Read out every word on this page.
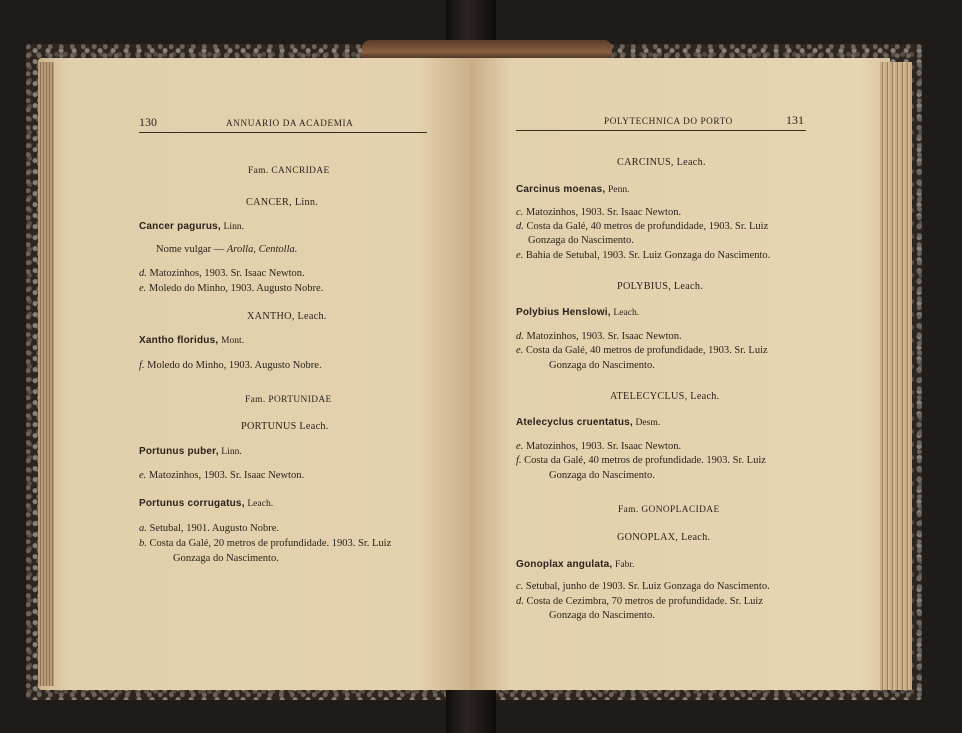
130	ANNUARIO DA ACADEMIA
Fam. CANCRIDAE
CANCER, Linn.
Cancer pagurus, Linn.
Nome vulgar — Arolla, Centolla.
d. Matozinhos, 1903. Sr. Isaac Newton.
e. Moledo do Minho, 1903. Augusto Nobre.
XANTHO, Leach.
Xantho floridus, Mont.
f. Moledo do Minho, 1903. Augusto Nobre.
Fam. PORTUNIDAE
PORTUNUS Leach.
Portunus puber, Linn.
e. Matozinhos, 1903. Sr. Isaac Newton.
Portunus corrugatus, Leach.
a. Setubal, 1901. Augusto Nobre.
b. Costa da Galé, 20 metros de profundidade. 1903. Sr. Luiz
Gonzaga do Nascimento.
POLYTECHNICA DO PORTO	131
CARCINUS, Leach.
Carcinus moenas, Penn.
c. Matozinhos, 1903. Sr. Isaac Newton.
d. Costa da Galé, 40 metros de profundidade, 1903. Sr. Luiz
Gonzaga do Nascimento.
e. Bahia de Setubal, 1903. Sr. Luiz Gonzaga do Nascimento.
POLYBIUS, Leach.
Polybius Henslowi, Leach.
d. Matozinhos, 1903. Sr. Isaac Newton.
e. Costa da Galé, 40 metros de profundidade, 1903. Sr. Luiz
Gonzaga do Nascimento.
ATELECYCLUS, Leach.
Atelecyclus cruentatus, Desm.
e. Matozinhos, 1903. Sr. Isaac Newton.
f. Costa da Galé, 40 metros de profundidade. 1903. Sr. Luiz
Gonzaga do Nascimento.
Fam. GONOPLACIDAE
GONOPLAX, Leach.
Gonoplax angulata, Fabr.
c. Setubal, junho de 1903. Sr. Luiz Gonzaga do Nascimento.
d. Costa de Cezimbra, 70 metros de profundidade. Sr. Luiz
Gonzaga do Nascimento.
